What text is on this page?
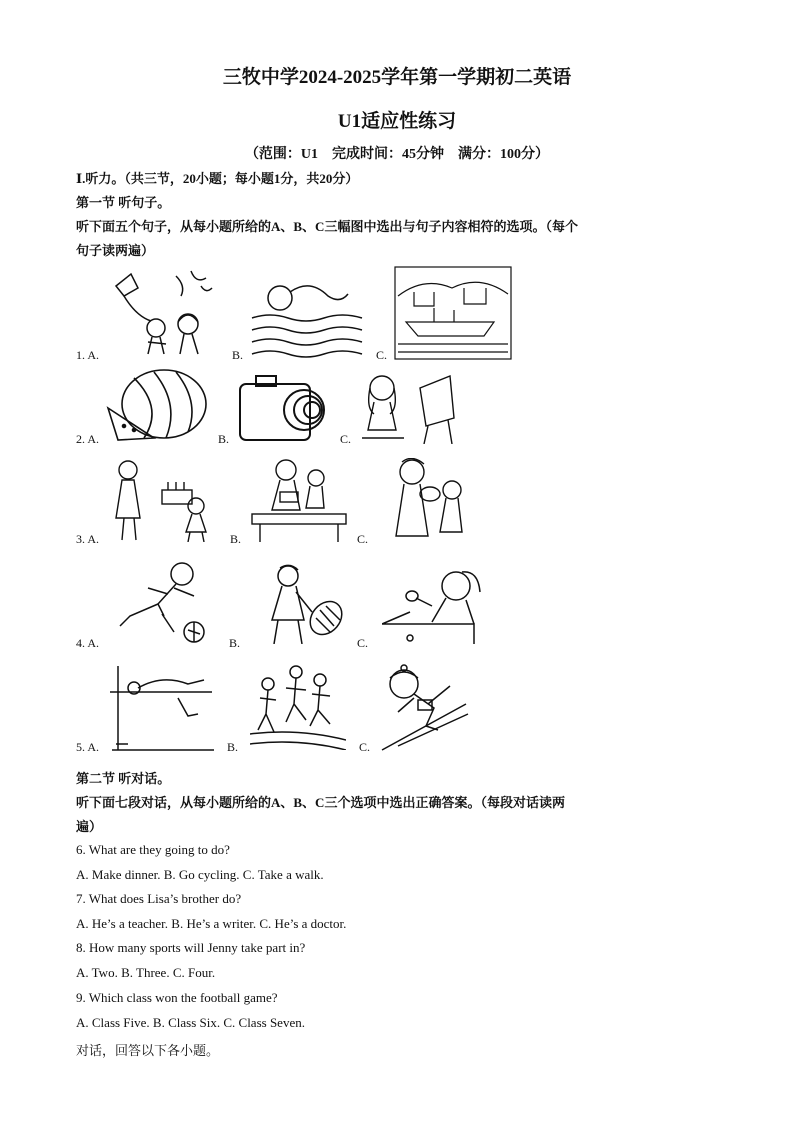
三牧中学2024-2025学年第一学期初二英语
U1适应性练习
（范围：U1　完成时间：45分钟　满分：100分）
Ⅰ.听力。（共三节，20小题；每小题1分，共20分）
第一节 听句子。
听下面五个句子，从每小题所给的A、B、C三幅图中选出与句子内容相符的选项。（每个
句子读两遍）
1. A.	B.	C.
2. A.	B.	C.
3. A.	B.	C.
4. A.	B.	C.
5. A.	B.	C.
第二节 听对话。
听下面七段对话，从每小题所给的A、B、C三个选项中选出正确答案。（每段对话读两
遍）
6. What are they going to do?
A. Make dinner. B. Go cycling. C. Take a walk.
7. What does Lisa’s brother do?
A. He’s a teacher. B. He’s a writer. C. He’s a doctor.
8. How many sports will Jenny take part in?
A. Two. B. Three. C. Four.
9. Which class won the football game?
A. Class Five. B. Class Six. C. Class Seven.
对话，回答以下各小题。
